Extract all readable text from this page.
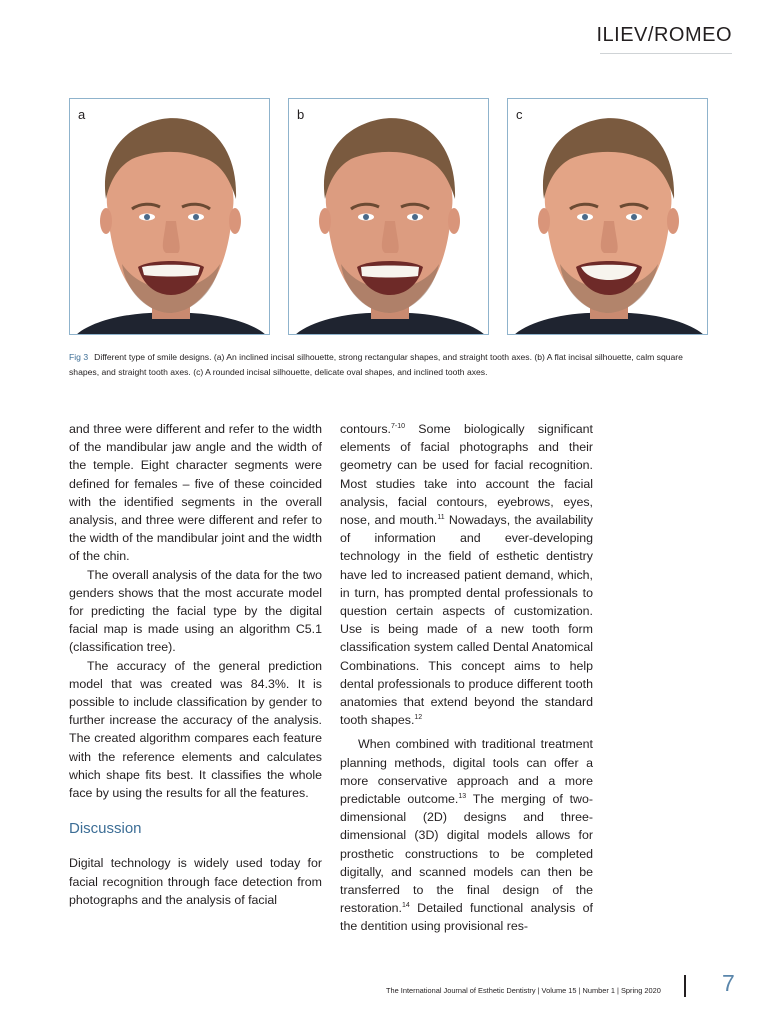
ILIEV/ROMEO
a	b	c
Fig 3 Different type of smile designs. (a) An inclined incisal silhouette, strong rectangular shapes, and straight tooth axes. (b) A flat incisal silhouette, calm square shapes, and straight tooth axes. (c) A rounded incisal silhouette, delicate oval shapes, and inclined tooth axes.

and three were different and refer to the width of the mandibular jaw angle and the width of the temple. Eight character segments were defined for females – five of these coincided with the identified segments in the overall analysis, and three were different and refer to the width of the mandibular joint and the width of the chin.

The overall analysis of the data for the two genders shows that the most accurate model for predicting the facial type by the digital facial map is made using an algorithm C5.1 (classification tree).

The accuracy of the general prediction model that was created was 84.3%. It is possible to include classification by gender to further increase the accuracy of the analysis. The created algorithm compares each feature with the reference elements and calculates which shape fits best. It classifies the whole face by using the results for all the features.

Discussion

Digital technology is widely used today for facial recognition through face detection from photographs and the analysis of facial

contours.$^{7-10}$ Some biologically significant elements of facial photographs and their geometry can be used for facial recognition. Most studies take into account the facial analysis, facial contours, eyebrows, eyes, nose, and mouth.$^{11}$ Nowadays, the availability of information and ever-developing technology in the field of esthetic dentistry have led to increased patient demand, which, in turn, has prompted dental professionals to question certain aspects of customization. Use is being made of a new tooth form classification system called Dental Anatomical Combinations. This concept aims to help dental professionals to produce different tooth anatomies that extend beyond the standard tooth shapes.$^{12}$

When combined with traditional treatment planning methods, digital tools can offer a more conservative approach and a more predictable outcome.$^{13}$ The merging of two-dimensional (2D) designs and three-dimensional (3D) digital models allows for prosthetic constructions to be completed digitally, and scanned models can then be transferred to the final design of the restoration.$^{14}$ Detailed functional analysis of the dentition using provisional res-

The International Journal of Esthetic Dentistry | Volume 15 | Number 1 | Spring 2020	7
